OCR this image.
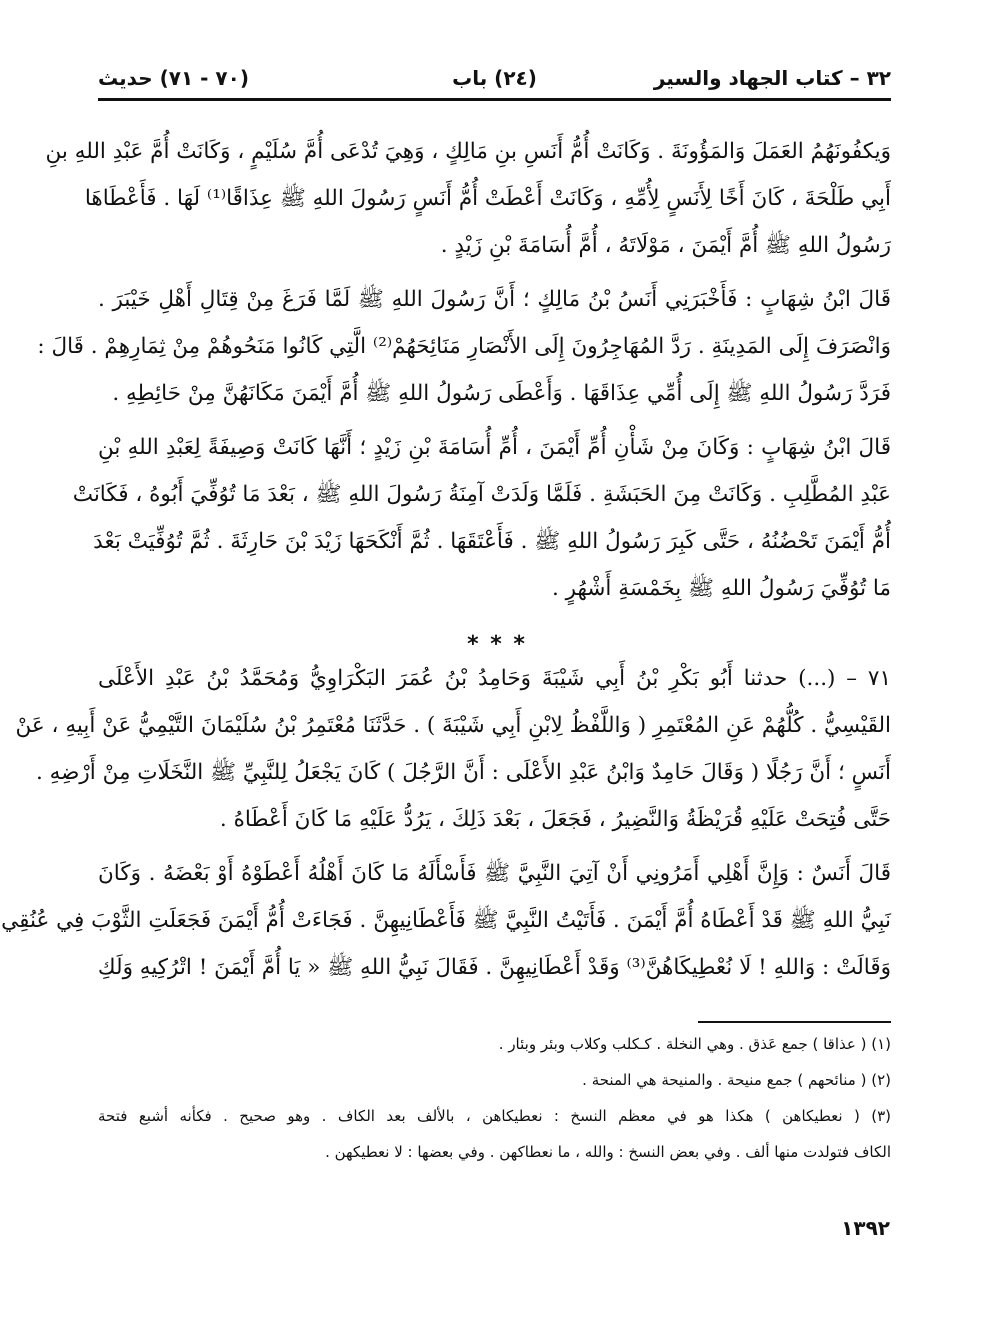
٣٢ – كتاب الجهاد والسير
(٢٤) باب
(٧٠ - ٧١) حديث
وَيكفُونَهُمُ العَمَلَ وَالمَؤُونَةَ . وَكَانَتْ أُمُّ أَنَسِ بنِ مَالِكٍ ، وَهِيَ تُدْعَى أُمَّ سُلَيْمٍ ، وَكَانَتْ أُمَّ عَبْدِ اللهِ بنِ
أَبِي طَلْحَةَ ، كَانَ أَخًا لِأَنَسٍ لِأُمِّهِ ، وَكَانَتْ أَعْطَتْ أُمُّ أَنَسٍ رَسُولَ اللهِ ﷺ عِذَاقًا⁽¹⁾ لَهَا . فَأَعْطَاهَا
رَسُولُ اللهِ ﷺ أُمَّ أَيْمَنَ ، مَوْلَاتَهُ ، أُمَّ أُسَامَةَ بْنِ زَيْدٍ .
قَالَ ابْنُ شِهَابٍ : فَأَخْبَرَنِي أَنَسُ بْنُ مَالِكٍ ؛ أَنَّ رَسُولَ اللهِ ﷺ لَمَّا فَرَغَ مِنْ قِتَالِ أَهْلِ خَيْبَرَ .
وَانْصَرَفَ إِلَى المَدِينَةِ . رَدَّ المُهَاجِرُونَ إِلَى الأَنْصَارِ مَنَائِحَهُمْ⁽²⁾ الَّتِي كَانُوا مَنَحُوهُمْ مِنْ ثِمَارِهِمْ . قَالَ :
فَرَدَّ رَسُولُ اللهِ ﷺ إِلَى أُمِّي عِذَاقَهَا . وَأَعْطَى رَسُولُ اللهِ ﷺ أُمَّ أَيْمَنَ مَكَانَهُنَّ مِنْ حَائِطِهِ .
قَالَ ابْنُ شِهَابٍ : وَكَانَ مِنْ شَأْنِ أُمِّ أَيْمَنَ ، أُمِّ أُسَامَةَ بْنِ زَيْدٍ ؛ أَنَّهَا كَانَتْ وَصِيفَةً لِعَبْدِ اللهِ بْنِ
عَبْدِ المُطَّلِبِ . وَكَانَتْ مِنَ الحَبَشَةِ . فَلَمَّا وَلَدَتْ آمِنَةُ رَسُولَ اللهِ ﷺ ، بَعْدَ مَا تُوُفِّيَ أَبُوهُ ، فَكَانَتْ
أُمُّ أَيْمَنَ تَحْضُنُهُ ، حَتَّى كَبِرَ رَسُولُ اللهِ ﷺ . فَأَعْتَقَهَا . ثُمَّ أَنْكَحَهَا زَيْدَ بْنَ حَارِثَةَ . ثُمَّ تُوُفِّيَتْ بَعْدَ
مَا تُوُفِّيَ رَسُولُ اللهِ ﷺ بِخَمْسَةِ أَشْهُرٍ .
* * *
٧١ – (...) حدثنا أَبُو بَكْرِ بْنُ أَبِي شَيْبَةَ وَحَامِدُ بْنُ عُمَرَ البَكْرَاوِيُّ وَمُحَمَّدُ بْنُ عَبْدِ الأَعْلَى
القَيْسِيُّ . كُلُّهُمْ عَنِ المُعْتَمِرِ ( وَاللَّفْظُ لِابْنِ أَبِي شَيْبَةَ ) . حَدَّثَنَا مُعْتَمِرُ بْنُ سُلَيْمَانَ التَّيْمِيُّ عَنْ أَبِيهِ ، عَنْ
أَنَسٍ ؛ أَنَّ رَجُلًا ( وَقَالَ حَامِدٌ وَابْنُ عَبْدِ الأَعْلَى : أَنَّ الرَّجُلَ ) كَانَ يَجْعَلُ لِلنَّبِيِّ ﷺ النَّخَلَاتِ مِنْ أَرْضِهِ .
حَتَّى فُتِحَتْ عَلَيْهِ قُرَيْظَةُ وَالنَّضِيرُ ، فَجَعَلَ ، بَعْدَ ذَلِكَ ، يَرُدُّ عَلَيْهِ مَا كَانَ أَعْطَاهُ .
قَالَ أَنَسٌ : وَإِنَّ أَهْلِي أَمَرُونِي أَنْ آتِيَ النَّبِيَّ ﷺ فَأَسْأَلَهُ مَا كَانَ أَهْلُهُ أَعْطَوْهُ أَوْ بَعْضَهُ . وَكَانَ
نَبِيُّ اللهِ ﷺ قَدْ أَعْطَاهُ أُمَّ أَيْمَنَ . فَأَتَيْتُ النَّبِيَّ ﷺ فَأَعْطَانِيهِنَّ . فَجَاءَتْ أُمُّ أَيْمَنَ فَجَعَلَتِ الثَّوْبَ فِي عُنُقِي
وَقَالَتْ : وَاللهِ ! لَا نُعْطِيكَاهُنَّ⁽³⁾ وَقَدْ أَعْطَانِيهِنَّ . فَقَالَ نَبِيُّ اللهِ ﷺ « يَا أُمَّ أَيْمَنَ ! اتْرُكِيهِ وَلَكِ
(١) ( عذاقا ) جمع عَذق . وهي النخلة . كـكلب وكلاب وبئر وبئار .
(٢) ( منائحهم ) جمع منيحة . والمنيحة هي المنحة .
(٣) ( نعطيكاهن ) هكذا هو في معظم النسخ : نعطيكاهن ، بالألف بعد الكاف . وهو صحيح . فكأنه أشبع فتحة
الكاف فتولدت منها ألف . وفي بعض النسخ : والله ، ما نعطاكهن . وفي بعضها : لا نعطيكهن .
١٣٩٢
